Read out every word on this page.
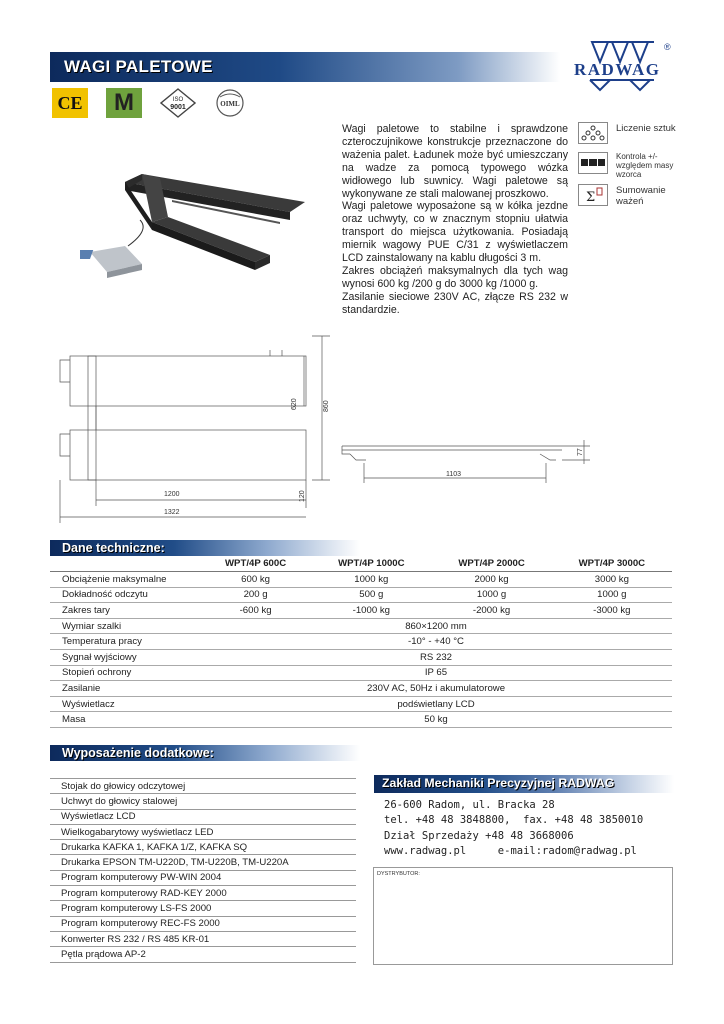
WAGI PALETOWE	RADWAG
®
CE	M	ISO
9001	OIML

Wagi paletowe to stabilne i sprawdzone czteroczujnikowe konstrukcje przeznaczone do ważenia palet. Ładunek może być umieszczany na wadze za pomocą typowego wózka widłowego lub suwnicy. Wagi paletowe są wykonywane ze stali malowanej proszkowo.

Wagi paletowe wyposażone są w kółka jezdne oraz uchwyty, co w znacznym stopniu ułatwia transport do miejsca użytkowania. Posiadają miernik wagowy PUE C/31 z wyświetlaczem LCD zainstalowany na kablu długości 3 m.

Zakres obciążeń maksymalnych dla tych wag wynosi 600 kg /200 g do 3000 kg /1000 g.

Zasilanie sieciowe 230V AC, złącze RS 232 w standardzie.

Liczenie sztuk
Kontrola +/- względem masy wzorca
Σ Sumowanie ważeń
620	860
1200
1322
120
1103
77
Dane techniczne:
	WPT/4P 600C	WPT/4P 1000C	WPT/4P 2000C	WPT/4P 3000C
Obciążenie maksymalne	600 kg	1000 kg	2000 kg	3000 kg
Dokładność odczytu	200 g	500 g	1000 g	1000 g
Zakres tary	-600 kg	-1000 kg	-2000 kg	-3000 kg
Wymiar szalki	860×1200 mm			
Temperatura pracy	-10° - +40 °C			
Sygnał wyjściowy	RS 232			
Stopień ochrony	IP 65			
Zasilanie	230V AC, 50Hz i akumulatorowe			
Wyświetlacz	podświetlany LCD			
Masa	50 kg			
Wyposażenie dodatkowe:
Stojak do głowicy odczytowej
Uchwyt do głowicy stalowej
Wyświetlacz LCD
Wielkogabarytowy wyświetlacz LED
Drukarka KAFKA 1, KAFKA 1/Z, KAFKA SQ
Drukarka EPSON TM-U220D, TM-U220B, TM-U220A
Program komputerowy PW-WIN 2004
Program komputerowy RAD-KEY 2000
Program komputerowy LS-FS 2000
Program komputerowy REC-FS 2000
Konwerter RS 232 / RS 485 KR-01
Pętla prądowa AP-2
Zakład Mechaniki Precyzyjnej RADWAG
26-600 Radom, ul. Bracka 28
tel. +48 48 3848800,  fax. +48 48 3850010
Dział Sprzedaży +48 48 3668006
www.radwag.pl	e-mail:radom@radwag.pl
DYSTRYBUTOR:
